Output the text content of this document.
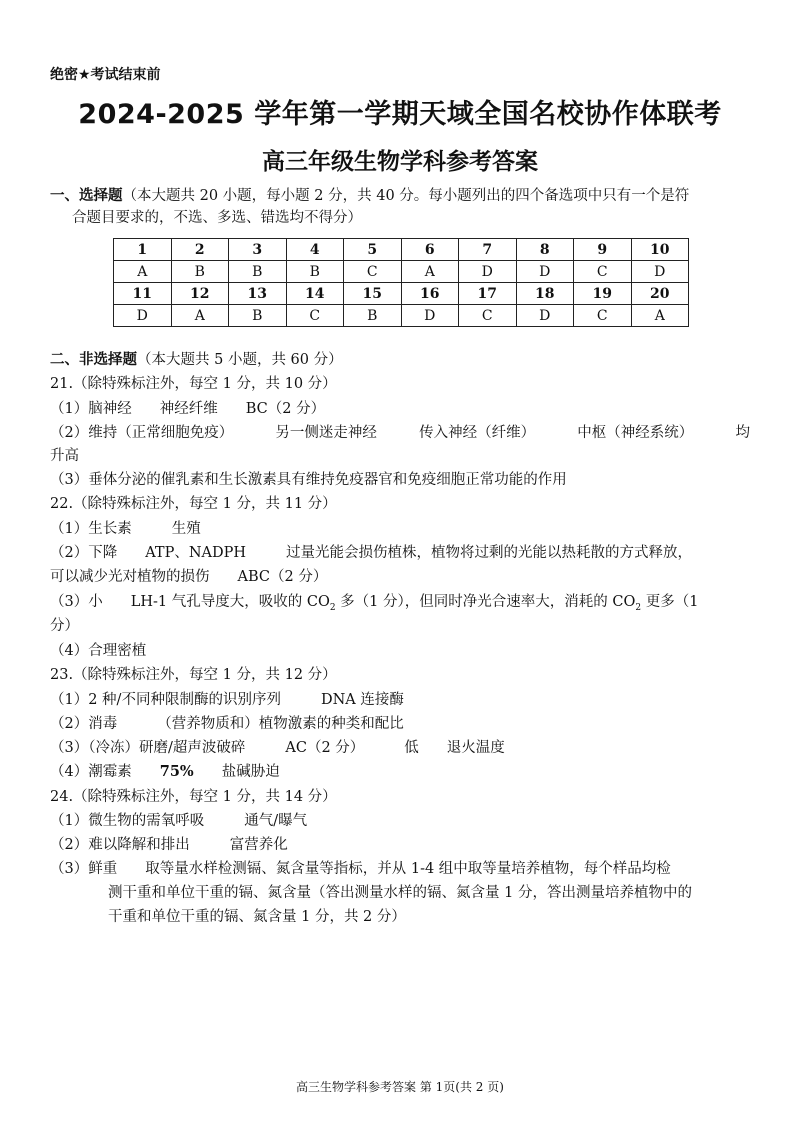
绝密★考试结束前
2024-2025 学年第一学期天域全国名校协作体联考
高三年级生物学科参考答案
一、选择题（本大题共 20 小题，每小题 2 分，共 40 分。每小题列出的四个备选项中只有一个是符
合题目要求的，不选、多选、错选均不得分）
1	2	3	4	5	6	7	8	9	10
A	B	B	B	C	A	D	D	C	D
11	12	13	14	15	16	17	18	19	20
D	A	B	C	B	D	C	D	C	A
二、非选择题（本大题共 5 小题，共 60 分）
21.（除特殊标注外，每空 1 分，共 10 分）
（1）脑神经 神经纤维 BC（2 分）
（2）维持（正常细胞免疫）	另一侧迷走神经	传入神经（纤维）	中枢（神经系统）	均
升高
（3）垂体分泌的催乳素和生长激素具有维持免疫器官和免疫细胞正常功能的作用
22.（除特殊标注外，每空 1 分，共 11 分）
（1）生长素	生殖
（2）下降 ATP、NADPH	过量光能会损伤植株，植物将过剩的光能以热耗散的方式释放，
可以减少光对植物的损伤 ABC（2 分）
（3）小 LH-1 气孔导度大，吸收的 $CO_2$ 多（1 分），但同时净光合速率大，消耗的 $CO_2$ 更多（1
分）
（4）合理密植
23.（除特殊标注外，每空 1 分，共 12 分）
（1）2 种/不同种限制酶的识别序列	DNA 连接酶
（2）消毒	（营养物质和）植物激素的种类和配比
（3）（冷冻）研磨/超声波破碎	AC（2 分）	低 退火温度
（4）潮霉素 75% 盐碱胁迫
24.（除特殊标注外，每空 1 分，共 14 分）
（1）微生物的需氧呼吸	通气/曝气
（2）难以降解和排出	富营养化
（3）鲜重 取等量水样检测镉、氮含量等指标，并从 1-4 组中取等量培养植物，每个样品均检
测干重和单位干重的镉、氮含量（答出测量水样的镉、氮含量 1 分，答出测量培养植物中的
干重和单位干重的镉、氮含量 1 分，共 2 分）
高三生物学科参考答案 第 1页(共 2 页)
